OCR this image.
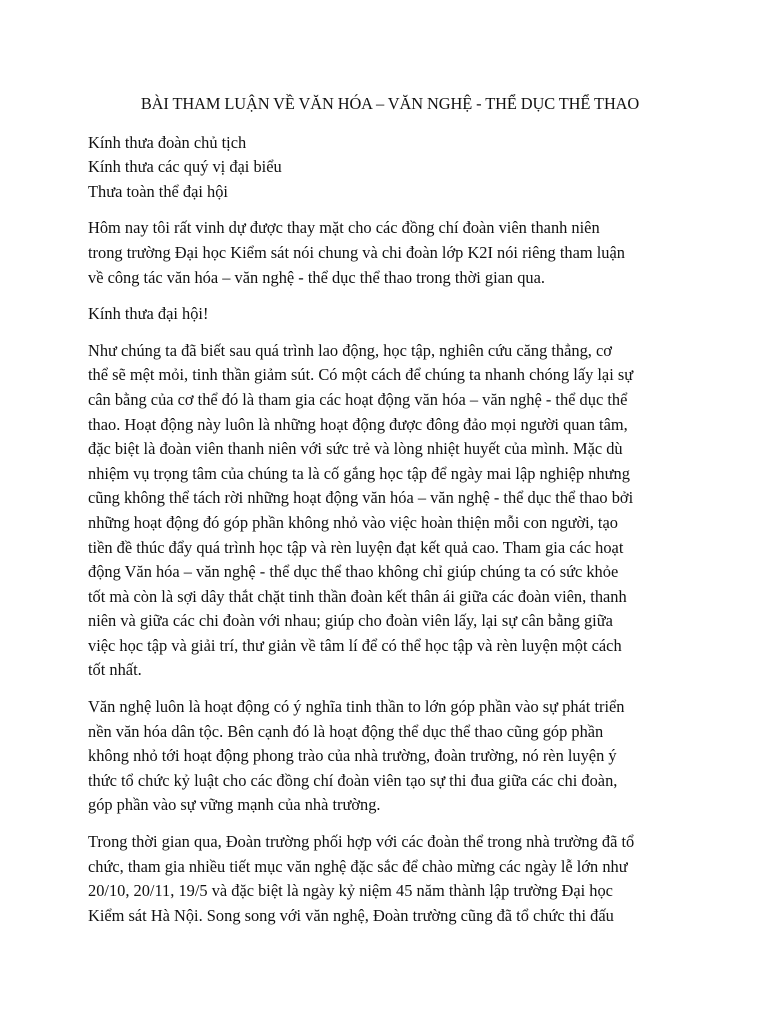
BÀI THAM LUẬN VỀ VĂN HÓA – VĂN NGHỆ - THỂ DỤC THỂ THAO

Kính thưa đoàn chủ tịch

Kính thưa các quý vị đại biểu

Thưa toàn thể đại hội

Hôm nay tôi rất vinh dự được thay mặt cho các đồng chí đoàn viên thanh niên
trong trường Đại học Kiểm sát nói chung và chi đoàn lớp K2I nói riêng tham luận
về công tác văn hóa – văn nghệ - thể dục thể thao trong thời gian qua.

Kính thưa đại hội!

Như chúng ta đã biết sau quá trình lao động, học tập, nghiên cứu căng thẳng, cơ
thể sẽ mệt mỏi, tinh thần giảm sút. Có một cách để chúng ta nhanh chóng lấy lại sự
cân bằng của cơ thể đó là tham gia các hoạt động văn hóa – văn nghệ - thể dục thể
thao. Hoạt động này luôn là những hoạt động được đông đảo mọi người quan tâm,
đặc biệt là đoàn viên thanh niên với sức trẻ và lòng nhiệt huyết của mình. Mặc dù
nhiệm vụ trọng tâm của chúng ta là cố gắng học tập để ngày mai lập nghiệp nhưng
cũng không thể tách rời những hoạt động văn hóa – văn nghệ - thể dục thể thao bởi
những hoạt động đó góp phần không nhỏ vào việc hoàn thiện mỗi con người, tạo
tiền đề thúc đẩy quá trình học tập và rèn luyện đạt kết quả cao. Tham gia các hoạt
động Văn hóa – văn nghệ - thể dục thể thao không chỉ giúp chúng ta có sức khỏe
tốt mà còn là sợi dây thắt chặt tinh thần đoàn kết thân ái giữa các đoàn viên, thanh
niên và giữa các chi đoàn với nhau; giúp cho đoàn viên lấy, lại sự cân bằng giữa
việc học tập và giải trí, thư giản về tâm lí để có thể học tập và rèn luyện một cách
tốt nhất.

Văn nghệ luôn là hoạt động có ý nghĩa tinh thần to lớn góp phần vào sự phát triển
nền văn hóa dân tộc. Bên cạnh đó là hoạt động thể dục thể thao cũng góp phần
không nhỏ tới hoạt động phong trào của nhà trường, đoàn trường, nó rèn luyện ý
thức tổ chức kỷ luật cho các đồng chí đoàn viên tạo sự thi đua giữa các chi đoàn,
góp phần vào sự vững mạnh của nhà trường.

Trong thời gian qua, Đoàn trường phối hợp với các đoàn thể trong nhà trường đã tổ
chức, tham gia nhiều tiết mục văn nghệ đặc sắc để chào mừng các ngày lễ lớn như
20/10, 20/11, 19/5 và đặc biệt là ngày kỷ niệm 45 năm thành lập trường Đại học
Kiểm sát Hà Nội. Song song với văn nghệ, Đoàn trường cũng đã tổ chức thi đấu
